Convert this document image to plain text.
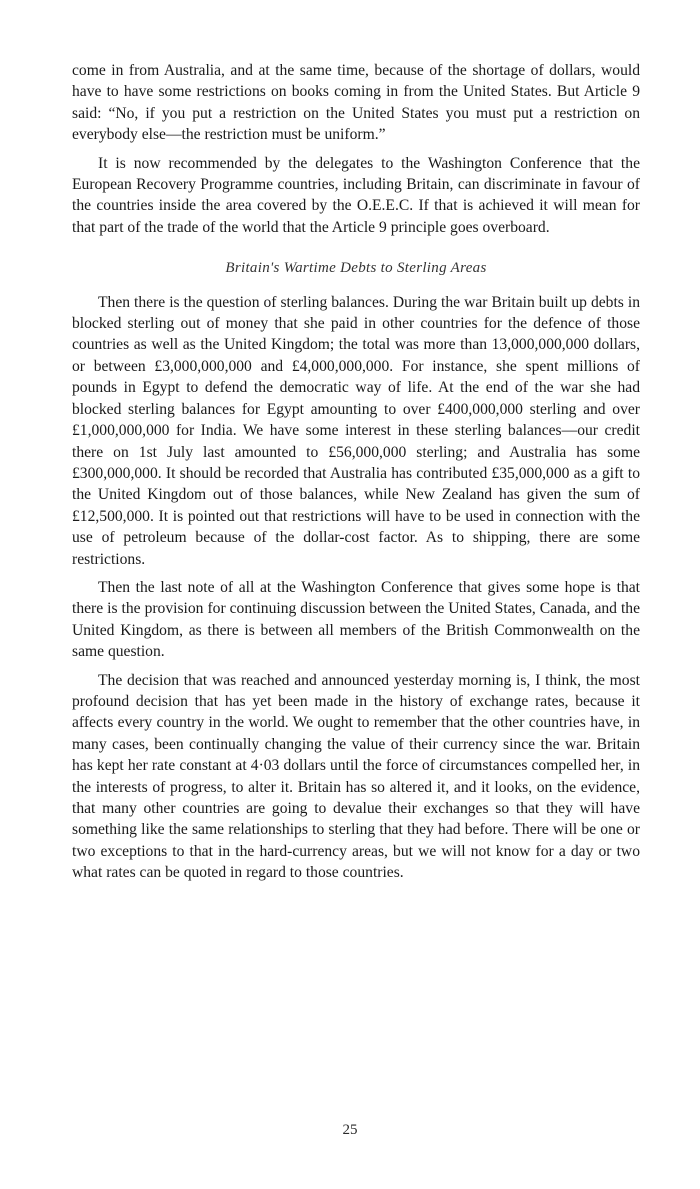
come in from Australia, and at the same time, because of the shortage of dollars, would have to have some restrictions on books coming in from the United States. But Article 9 said: “No, if you put a restriction on the United States you must put a restriction on everybody else—the restriction must be uniform.”

It is now recommended by the delegates to the Washington Conference that the European Recovery Programme countries, including Britain, can discriminate in favour of the countries inside the area covered by the O.E.E.C. If that is achieved it will mean for that part of the trade of the world that the Article 9 principle goes overboard.

Britain's Wartime Debts to Sterling Areas

Then there is the question of sterling balances. During the war Britain built up debts in blocked sterling out of money that she paid in other countries for the defence of those countries as well as the United Kingdom; the total was more than 13,000,000,000 dollars, or between £3,000,000,000 and £4,000,000,000. For instance, she spent millions of pounds in Egypt to defend the democratic way of life. At the end of the war she had blocked sterling balances for Egypt amounting to over £400,000,000 sterling and over £1,000,000,000 for India. We have some interest in these sterling balances—our credit there on 1st July last amounted to £56,000,000 sterling; and Australia has some £300,000,000. It should be recorded that Australia has contributed £35,000,000 as a gift to the United Kingdom out of those balances, while New Zealand has given the sum of £12,500,000. It is pointed out that restrictions will have to be used in connection with the use of petroleum because of the dollar-cost factor. As to shipping, there are some restrictions.

Then the last note of all at the Washington Conference that gives some hope is that there is the provision for continuing discussion between the United States, Canada, and the United Kingdom, as there is between all members of the British Commonwealth on the same question.

The decision that was reached and announced yesterday morning is, I think, the most profound decision that has yet been made in the history of exchange rates, because it affects every country in the world. We ought to remember that the other countries have, in many cases, been continually changing the value of their currency since the war. Britain has kept her rate constant at 4·03 dollars until the force of circumstances compelled her, in the interests of progress, to alter it. Britain has so altered it, and it looks, on the evidence, that many other countries are going to devalue their exchanges so that they will have something like the same relationships to sterling that they had before. There will be one or two exceptions to that in the hard-currency areas, but we will not know for a day or two what rates can be quoted in regard to those countries.

25
